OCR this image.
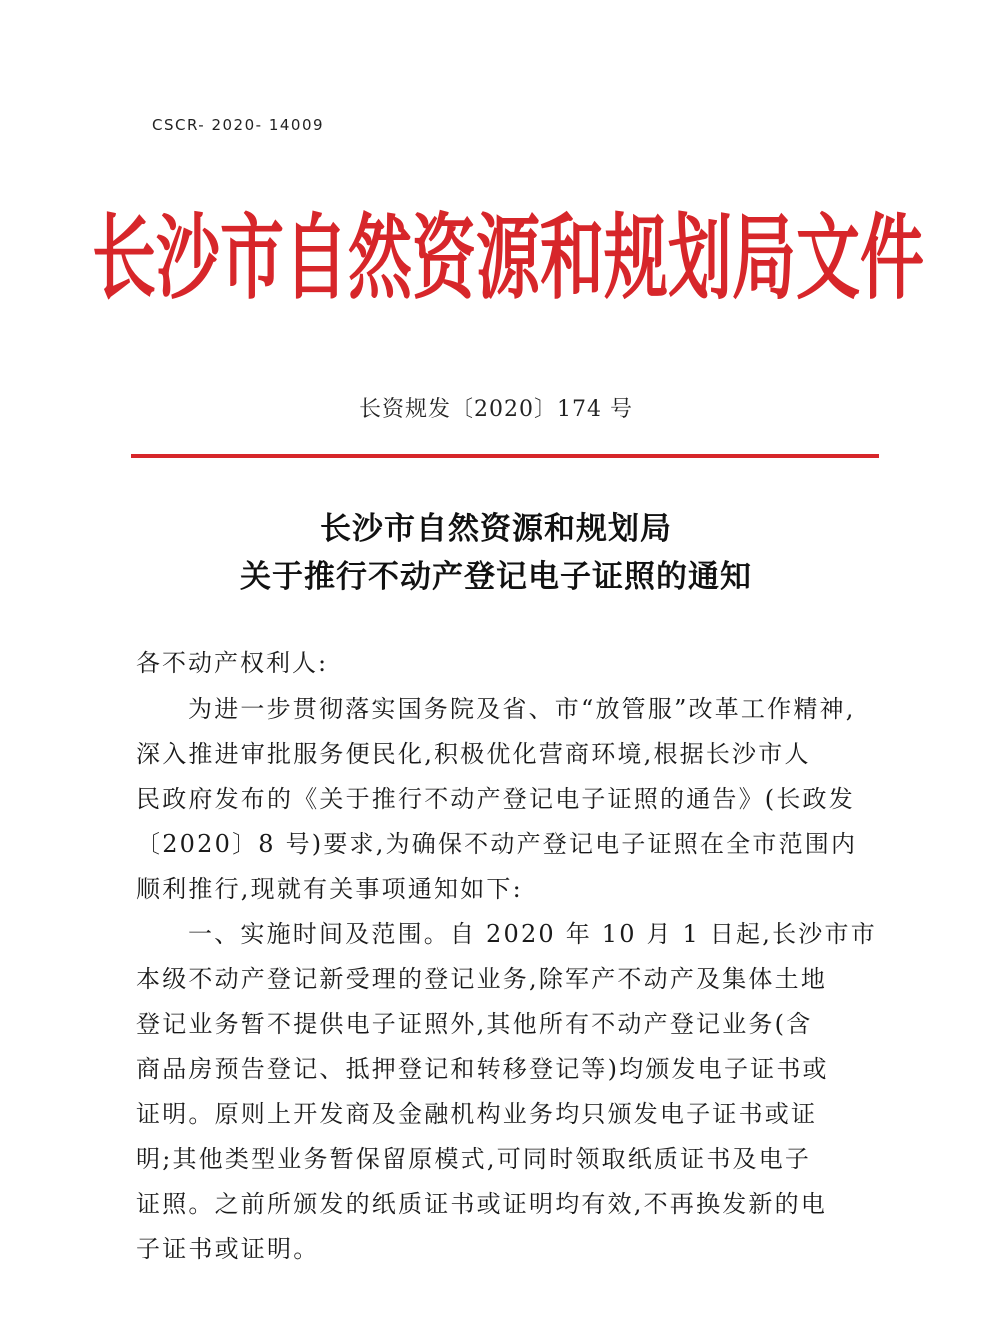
CSCR- 2020- 14009
长沙市自然资源和规划局文件
长资规发〔2020〕174 号
长沙市自然资源和规划局
关于推行不动产登记电子证照的通知
各不动产权利人:
为进一步贯彻落实国务院及省、市“放管服”改革工作精神,
深入推进审批服务便民化,积极优化营商环境,根据长沙市人
民政府发布的《关于推行不动产登记电子证照的通告》(长政发
〔2020〕8 号)要求,为确保不动产登记电子证照在全市范围内
顺利推行,现就有关事项通知如下:
一、实施时间及范围。自 2020 年 10 月 1 日起,长沙市市
本级不动产登记新受理的登记业务,除军产不动产及集体土地
登记业务暂不提供电子证照外,其他所有不动产登记业务(含
商品房预告登记、抵押登记和转移登记等)均颁发电子证书或
证明。原则上开发商及金融机构业务均只颁发电子证书或证
明;其他类型业务暂保留原模式,可同时领取纸质证书及电子
证照。之前所颁发的纸质证书或证明均有效,不再换发新的电
子证书或证明。
